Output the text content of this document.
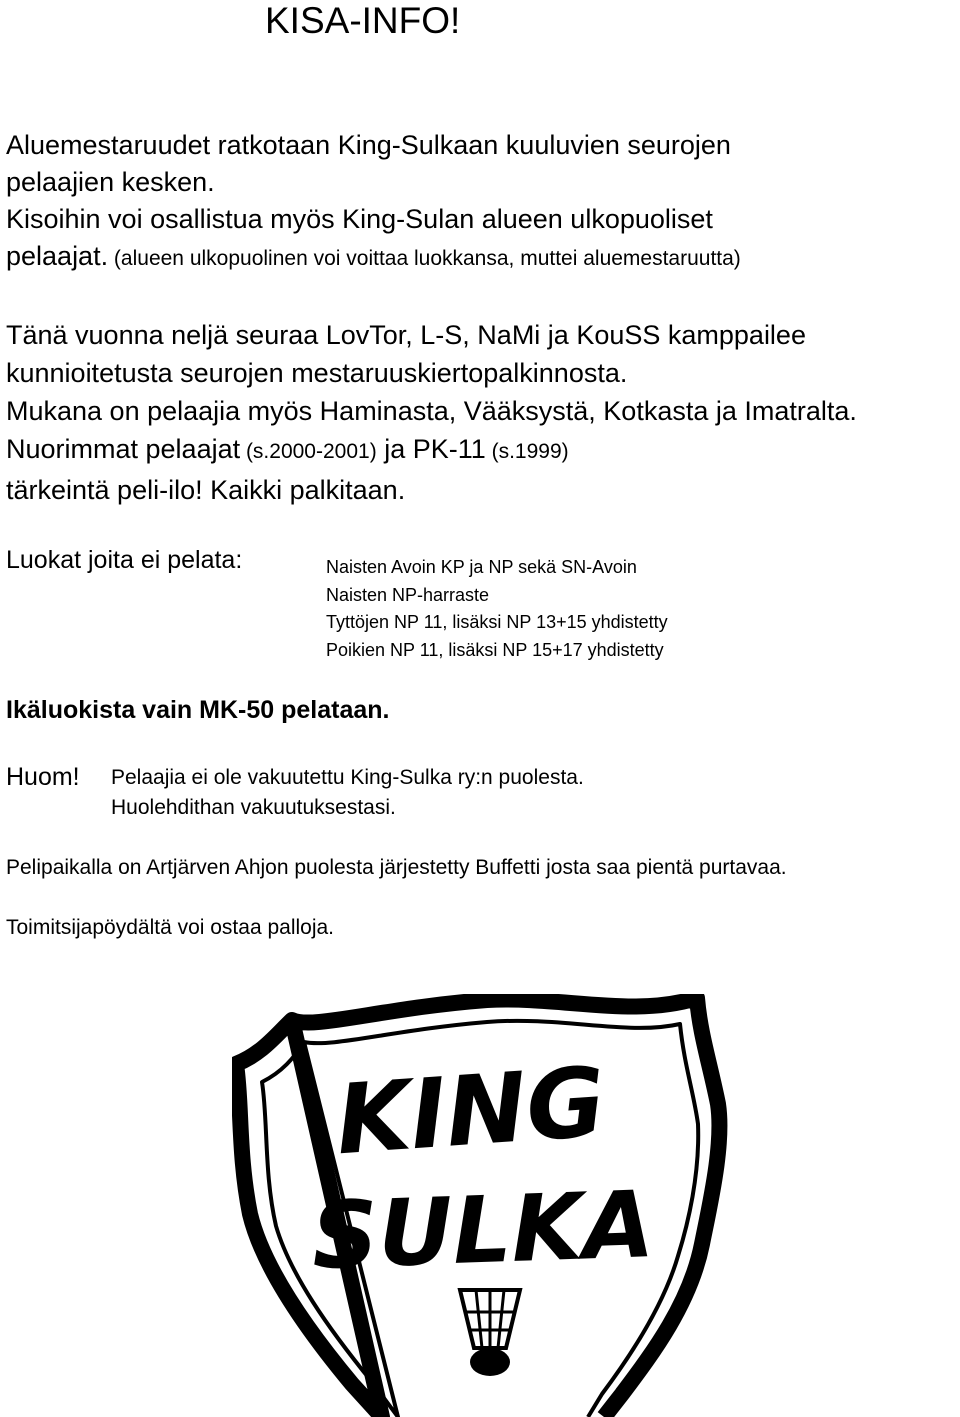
KISA-INFO!
Aluemestaruudet ratkotaan King-Sulkaan kuuluvien seurojen
pelaajien kesken.
Kisoihin voi osallistua myös King-Sulan alueen ulkopuoliset
pelaajat. (alueen ulkopuolinen voi voittaa luokkansa, muttei aluemestaruutta)
Tänä vuonna neljä seuraa LovTor, L-S, NaMi ja KouSS kamppailee
kunnioitetusta seurojen mestaruuskiertopalkinnosta.
Mukana on pelaajia myös Haminasta, Vääksystä, Kotkasta ja Imatralta.
Nuorimmat pelaajat (s.2000-2001) ja PK-11 (s.1999)
tärkeintä peli-ilo! Kaikki palkitaan.
Luokat joita ei pelata:	Naisten Avoin KP ja NP sekä SN-Avoin
Naisten NP-harraste
Tyttöjen NP 11, lisäksi NP 13+15 yhdistetty
Poikien NP 11, lisäksi NP 15+17 yhdistetty
Ikäluokista vain MK-50 pelataan.
Huom! Pelaajia ei ole vakuutettu King-Sulka ry:n puolesta.
Huolehdithan vakuutuksestasi.
Pelipaikalla on Artjärven Ahjon puolesta järjestetty Buffetti josta saa pientä purtavaa.
Toimitsijapöydältä voi ostaa palloja.
KING
SULKA
